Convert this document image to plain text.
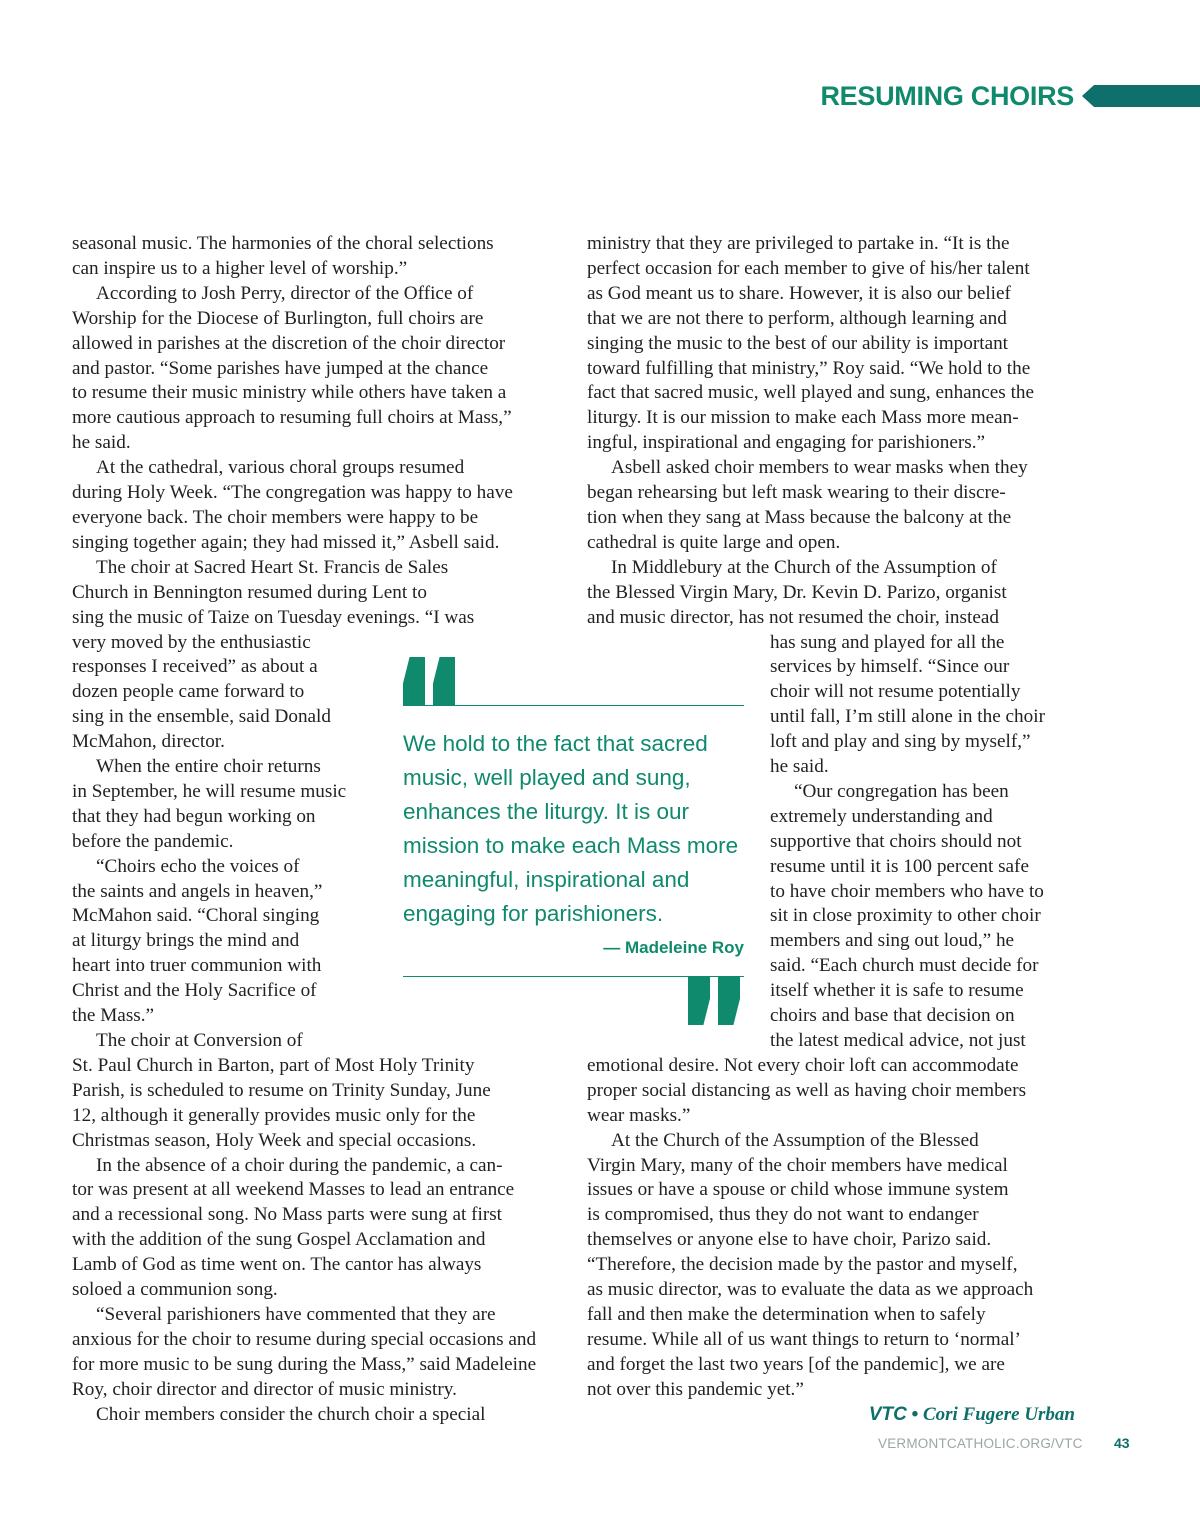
RESUMING CHOIRS

seasonal music. The harmonies of the choral selections
can inspire us to a higher level of worship.”

According to Josh Perry, director of the Office of
Worship for the Diocese of Burlington, full choirs are
allowed in parishes at the discretion of the choir director
and pastor. “Some parishes have jumped at the chance
to resume their music ministry while others have taken a
more cautious approach to resuming full choirs at Mass,”
he said.

At the cathedral, various choral groups resumed
during Holy Week. “The congregation was happy to have
everyone back. The choir members were happy to be
singing together again; they had missed it,” Asbell said.

The choir at Sacred Heart St. Francis de Sales
Church in Bennington resumed during Lent to
sing the music of Taize on Tuesday evenings. “I was
very moved by the enthusiastic
responses I received” as about a
dozen people came forward to
sing in the ensemble, said Donald
McMahon, director.

When the entire choir returns
in September, he will resume music
that they had begun working on
before the pandemic.

“Choirs echo the voices of
the saints and angels in heaven,”
McMahon said. “Choral singing
at liturgy brings the mind and
heart into truer communion with
Christ and the Holy Sacrifice of
the Mass.”

The choir at Conversion of
St. Paul Church in Barton, part of Most Holy Trinity
Parish, is scheduled to resume on Trinity Sunday, June
12, although it generally provides music only for the
Christmas season, Holy Week and special occasions.

In the absence of a choir during the pandemic, a can-
tor was present at all weekend Masses to lead an entrance
and a recessional song. No Mass parts were sung at first
with the addition of the sung Gospel Acclamation and
Lamb of God as time went on. The cantor has always
soloed a communion song.

“Several parishioners have commented that they are
anxious for the choir to resume during special occasions and
for more music to be sung during the Mass,” said Madeleine
Roy, choir director and director of music ministry.

Choir members consider the church choir a special

ministry that they are privileged to partake in. “It is the
perfect occasion for each member to give of his/her talent
as God meant us to share. However, it is also our belief
that we are not there to perform, although learning and
singing the music to the best of our ability is important
toward fulfilling that ministry,” Roy said. “We hold to the
fact that sacred music, well played and sung, enhances the
liturgy. It is our mission to make each Mass more mean-
ingful, inspirational and engaging for parishioners.”

Asbell asked choir members to wear masks when they
began rehearsing but left mask wearing to their discre-
tion when they sang at Mass because the balcony at the
cathedral is quite large and open.

In Middlebury at the Church of the Assumption of
the Blessed Virgin Mary, Dr. Kevin D. Parizo, organist
and music director, has not resumed the choir, instead

has sung and played for all the
services by himself. “Since our
choir will not resume potentially
until fall, I’m still alone in the choir
loft and play and sing by myself,”
he said.

“Our congregation has been
extremely understanding and
supportive that choirs should not
resume until it is 100 percent safe
to have choir members who have to
sit in close proximity to other choir
members and sing out loud,” he
said. “Each church must decide for
itself whether it is safe to resume
choirs and base that decision on
the latest medical advice, not just

emotional desire. Not every choir loft can accommodate
proper social distancing as well as having choir members
wear masks.”

At the Church of the Assumption of the Blessed
Virgin Mary, many of the choir members have medical
issues or have a spouse or child whose immune system
is compromised, thus they do not want to endanger
themselves or anyone else to have choir, Parizo said.
“Therefore, the decision made by the pastor and myself,
as music director, was to evaluate the data as we approach
fall and then make the determination when to safely
resume. While all of us want things to return to ‘normal’
and forget the last two years [of the pandemic], we are
not over this pandemic yet.”

We hold to the fact that sacred
music, well played and sung,
enhances the liturgy. It is our
mission to make each Mass more
meaningful, inspirational and
engaging for parishioners.
— Madeleine Roy
VTC • Cori Fugere Urban
VERMONTCATHOLIC.ORG/VTC 43
